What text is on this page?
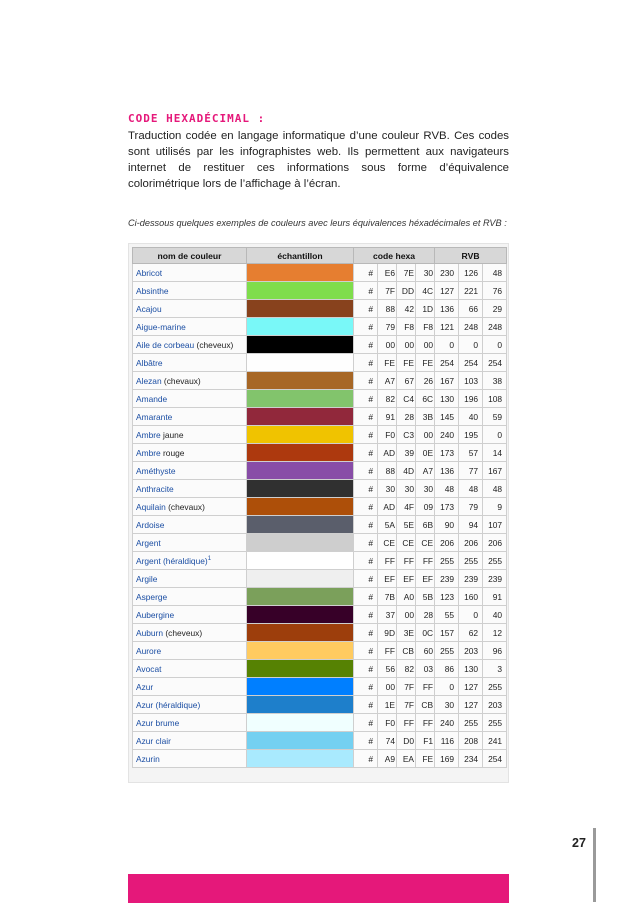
CODE HEXADÉCIMAL :
Traduction codée en langage informatique d’une couleur RVB. Ces codes sont utilisés par les infographistes web. Ils permettent aux navigateurs internet de restituer ces informations sous forme d’équivalence colorimétrique lors de l’affichage à l’écran.
Ci-dessous quelques exemples de couleurs avec leurs équivalences héxadécimales et RVB :
nom de couleur	échantillon	code hexa				RVB		
Abricot		#	E6	7E	30	230	126	48
Absinthe		#	7F	DD	4C	127	221	76
Acajou		#	88	42	1D	136	66	29
Aigue-marine		#	79	F8	F8	121	248	248
Aile de corbeau (cheveux)		#	00	00	00	0	0	0
Albâtre		#	FE	FE	FE	254	254	254
Alezan (chevaux)		#	A7	67	26	167	103	38
Amande		#	82	C4	6C	130	196	108
Amarante		#	91	28	3B	145	40	59
Ambre jaune		#	F0	C3	00	240	195	0
Ambre rouge		#	AD	39	0E	173	57	14
Améthyste		#	88	4D	A7	136	77	167
Anthracite		#	30	30	30	48	48	48
Aquilain (chevaux)		#	AD	4F	09	173	79	9
Ardoise		#	5A	5E	6B	90	94	107
Argent		#	CE	CE	CE	206	206	206
Argent (héraldique)$^1$		#	FF	FF	FF	255	255	255
Argile		#	EF	EF	EF	239	239	239
Asperge		#	7B	A0	5B	123	160	91
Aubergine		#	37	00	28	55	0	40
Auburn (cheveux)		#	9D	3E	0C	157	62	12
Aurore		#	FF	CB	60	255	203	96
Avocat		#	56	82	03	86	130	3
Azur		#	00	7F	FF	0	127	255
Azur (héraldique)		#	1E	7F	CB	30	127	203
Azur brume		#	F0	FF	FF	240	255	255
Azur clair		#	74	D0	F1	116	208	241
Azurin		#	A9	EA	FE	169	234	254
27
